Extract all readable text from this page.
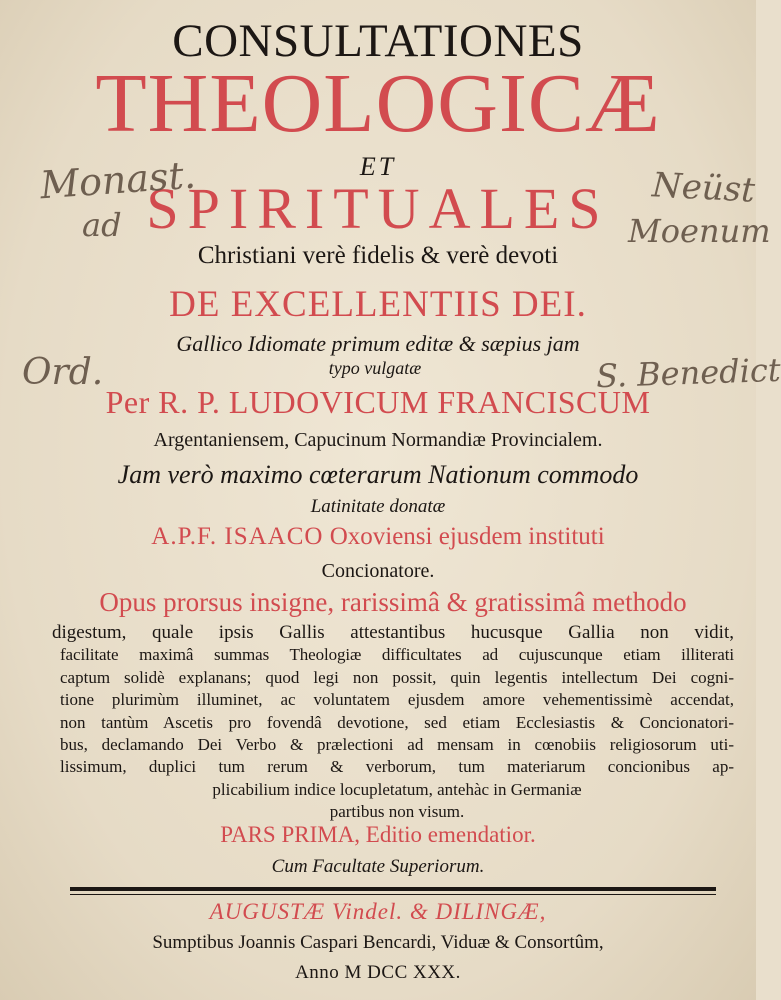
CONSULTATIONES
THEOLOGICÆ
ET
SPIRITUALES
Christiani verè fidelis & verè devoti
DE EXCELLENTIIS DEI.
Gallico Idiomate primum editæ & sæpius jam
typo vulgatæ
Per R. P. LUDOVICUM FRANCISCUM
Argentaniensem, Capucinum Normandiæ Provincialem.
Jam verò maximo cœterarum Nationum commodo
Latinitate donatæ
A.P.F. ISAACO Oxoviensi ejusdem instituti
Concionatore.
Opus prorsus insigne, rarissimâ & gratissimâ methodo
digestum, quale ipsis Gallis attestantibus hucusque Gallia non vidit,
facilitate maximâ summas Theologiæ difficultates ad cujuscunque etiam illiterati
captum solidè explanans; quod legi non possit, quin legentis intellectum Dei cogni-
tione plurimùm illuminet, ac voluntatem ejusdem amore vehementissimè accendat,
non tantùm Ascetis pro fovendâ devotione, sed etiam Ecclesiastis & Concionatori-
bus, declamando Dei Verbo & prælectioni ad mensam in cœnobiis religiosorum uti-
lissimum, duplici tum rerum & verborum, tum materiarum concionibus ap-
plicabilium indice locupletatum, antehàc in Germaniæ
partibus non visum.
PARS PRIMA, Editio emendatior.
Cum Facultate Superiorum.
AUGUSTÆ Vindel. & DILINGÆ,
Sumptibus Joannis Caspari Bencardi, Viduæ & Consortûm,
Anno M DCC XXX.
Monast.
ad
Ord.
Neüst
Moenum
S. Benedict
